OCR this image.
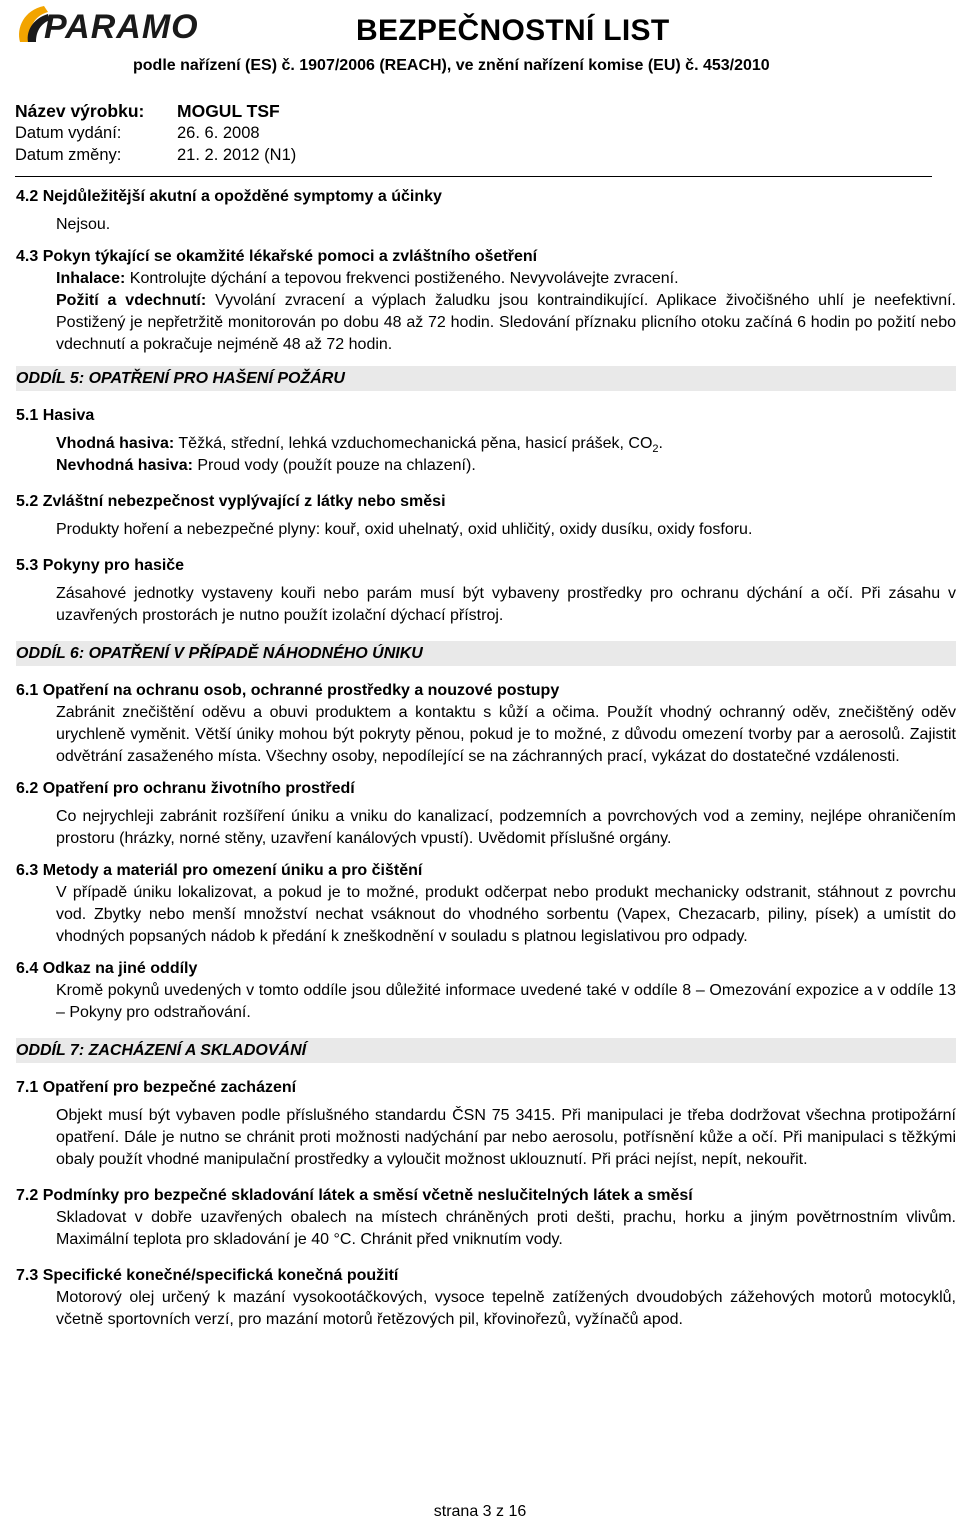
PARAMO	BEZPEČNOSTNÍ LIST
podle nařízení (ES) č. 1907/2006 (REACH), ve znění nařízení komise (EU) č. 453/2010
Název výrobku:	MOGUL TSF
Datum vydání:	26. 6. 2008
Datum změny:	21. 2. 2012 (N1)
4.2 Nejdůležitější akutní a opožděné symptomy a účinky
Nejsou.
4.3 Pokyn týkající se okamžité lékařské pomoci a zvláštního ošetření
Inhalace: Kontrolujte dýchání a tepovou frekvenci postiženého. Nevyvolávejte zvracení.
Požití a vdechnutí: Vyvolání zvracení a výplach žaludku jsou kontraindikující. Aplikace živočišného uhlí je neefektivní. Postižený je nepřetržitě monitorován po dobu 48 až 72 hodin. Sledování příznaku plicního otoku začíná 6 hodin po požití nebo vdechnutí a pokračuje nejméně 48 až 72 hodin.
ODDÍL 5: OPATŘENÍ PRO HAŠENÍ POŽÁRU
5.1 Hasiva
Vhodná hasiva: Těžká, střední, lehká vzduchomechanická pěna, hasicí prášek, $CO_2$.
Nevhodná hasiva: Proud vody (použít pouze na chlazení).
5.2 Zvláštní nebezpečnost vyplývající z látky nebo směsi
Produkty hoření a nebezpečné plyny: kouř, oxid uhelnatý, oxid uhličitý, oxidy dusíku, oxidy fosforu.
5.3 Pokyny pro hasiče
Zásahové jednotky vystaveny kouři nebo parám musí být vybaveny prostředky pro ochranu dýchání a očí. Při zásahu v uzavřených prostorách je nutno použít izolační dýchací přístroj.
ODDÍL 6: OPATŘENÍ V PŘÍPADĚ NÁHODNÉHO ÚNIKU
6.1 Opatření na ochranu osob, ochranné prostředky a nouzové postupy
Zabránit znečištění oděvu a obuvi produktem a kontaktu s kůží a očima. Použít vhodný ochranný oděv, znečištěný oděv urychleně vyměnit. Větší úniky mohou být pokryty pěnou, pokud je to možné, z důvodu omezení tvorby par a aerosolů. Zajistit odvětrání zasaženého místa. Všechny osoby, nepodílející se na záchranných prací, vykázat do dostatečné vzdálenosti.
6.2 Opatření pro ochranu životního prostředí
Co nejrychleji zabránit rozšíření úniku a vniku do kanalizací, podzemních a povrchových vod a zeminy, nejlépe ohraničením prostoru (hrázky, norné stěny, uzavření kanálových vpustí). Uvědomit příslušné orgány.
6.3 Metody a materiál pro omezení úniku a pro čištění
V případě úniku lokalizovat, a pokud je to možné, produkt odčerpat nebo produkt mechanicky odstranit, stáhnout z povrchu vod. Zbytky nebo menší množství nechat vsáknout do vhodného sorbentu (Vapex, Chezacarb, piliny, písek) a umístit do vhodných popsaných nádob k předání k zneškodnění v souladu s platnou legislativou pro odpady.
6.4 Odkaz na jiné oddíly
Kromě pokynů uvedených v tomto oddíle jsou důležité informace uvedené také v oddíle 8 – Omezování expozice a v oddíle 13 – Pokyny pro odstraňování.
ODDÍL 7: ZACHÁZENÍ A SKLADOVÁNÍ
7.1 Opatření pro bezpečné zacházení
Objekt musí být vybaven podle příslušného standardu ČSN 75 3415. Při manipulaci je třeba dodržovat všechna protipožární opatření. Dále je nutno se chránit proti možnosti nadýchání par nebo aerosolu, potřísnění kůže a očí. Při manipulaci s těžkými obaly použít vhodné manipulační prostředky a vyloučit možnost uklouznutí. Při práci nejíst, nepít, nekouřit.
7.2 Podmínky pro bezpečné skladování látek a směsí včetně neslučitelných látek a směsí
Skladovat v dobře uzavřených obalech na místech chráněných proti dešti, prachu, horku a jiným povětrnostním vlivům. Maximální teplota pro skladování je 40 °C. Chránit před vniknutím vody.
7.3 Specifické konečné/specifická konečná použití
Motorový olej určený k mazání vysokootáčkových, vysoce tepelně zatížených dvoudobých zážehových motorů motocyklů, včetně sportovních verzí, pro mazání motorů řetězových pil, křovinořezů, vyžínačů apod.
strana 3 z 16
